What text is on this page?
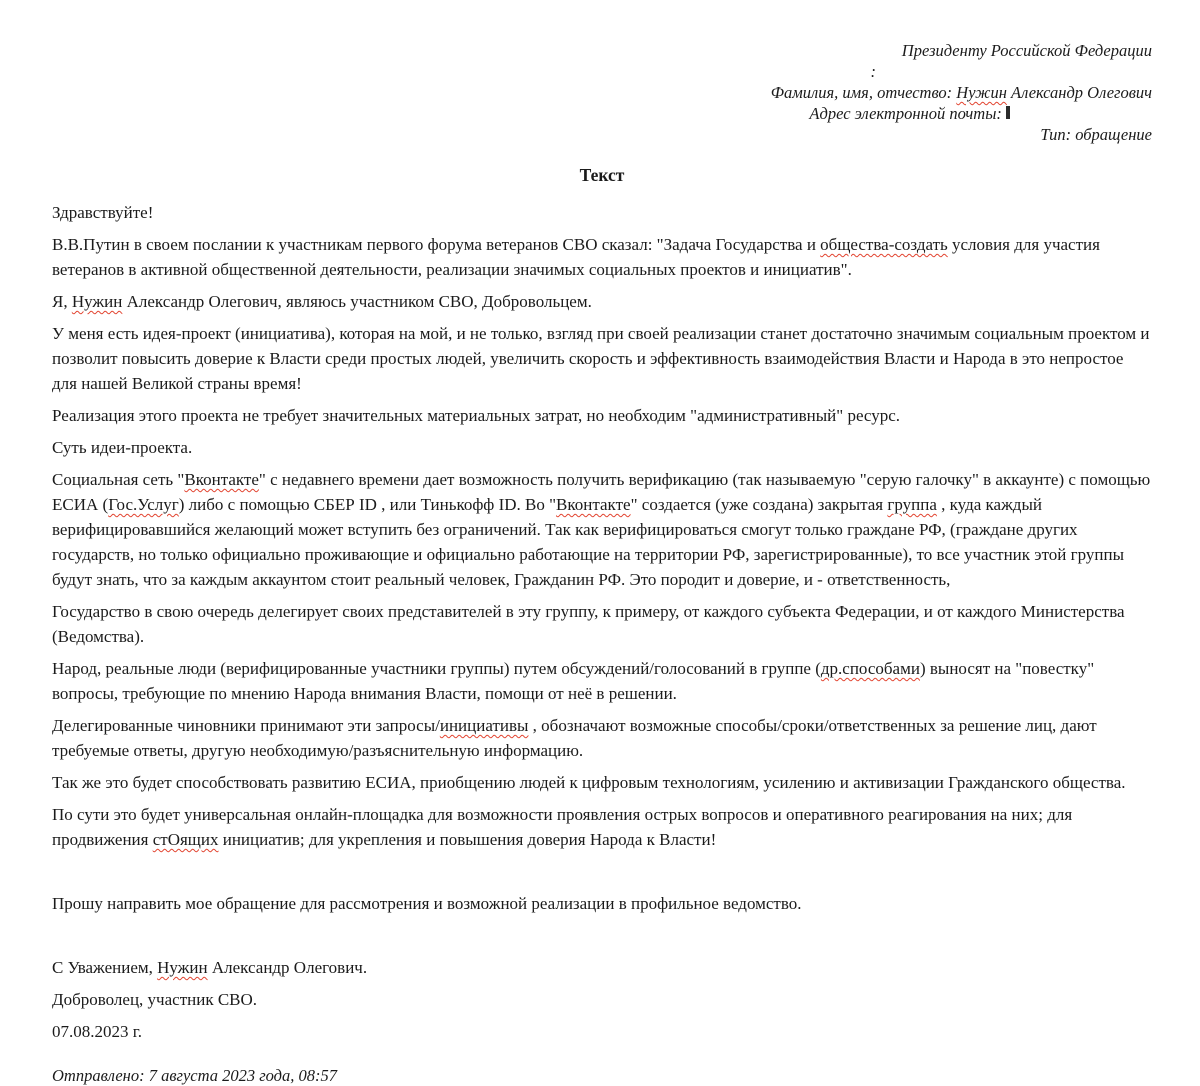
Президенту Российской Федерации

:

Фамилия, имя, отчество: Нужин Александр Олегович

Адрес электронной почты:

Тип: обращение

Текст

Здравствуйте!

В.В.Путин в своем послании к участникам первого форума ветеранов СВО сказал: "Задача Государства и общества-создать условия для участия ветеранов в активной общественной деятельности, реализации значимых социальных проектов и инициатив".

Я, Нужин Александр Олегович, являюсь участником СВО, Добровольцем.

У меня есть идея-проект (инициатива), которая на мой, и не только, взгляд при своей реализации станет достаточно значимым социальным проектом и позволит повысить доверие к Власти среди простых людей, увеличить скорость и эффективность взаимодействия Власти и Народа в это непростое для нашей Великой страны время!

Реализация этого проекта не требует значительных материальных затрат, но необходим "административный" ресурс.

Суть идеи-проекта.

Социальная сеть "Вконтакте" с недавнего времени дает возможность получить верификацию (так называемую "серую галочку" в аккаунте) с помощью ЕСИА (Гос.Услуг) либо с помощью СБЕР ID , или Тинькофф ID. Во "Вконтакте" создается (уже создана) закрытая группа , куда каждый верифицировавшийся желающий может вступить без ограничений. Так как верифицироваться смогут только граждане РФ, (граждане других государств, но только официально проживающие и официально работающие на территории РФ, зарегистрированные), то все участник этой группы будут знать, что за каждым аккаунтом стоит реальный человек, Гражданин РФ. Это породит и доверие, и - ответственность,

Государство в свою очередь делегирует своих представителей в эту группу, к примеру, от каждого субъекта Федерации, и от каждого Министерства (Ведомства).

Народ, реальные люди (верифицированные участники группы) путем обсуждений/голосований в группе (др.способами) выносят на "повестку" вопросы, требующие по мнению Народа внимания Власти, помощи от неё в решении.

Делегированные чиновники принимают эти запросы/инициативы , обозначают возможные способы/сроки/ответственных за решение лиц, дают требуемые ответы, другую необходимую/разъяснительную информацию.

Так же это будет способствовать развитию ЕСИА, приобщению людей к цифровым технологиям, усилению и активизации Гражданского общества.

По сути это будет универсальная онлайн-площадка для возможности проявления острых вопросов и оперативного реагирования на них; для продвижения стОящих инициатив; для укрепления и повышения доверия Народа к Власти!

Прошу направить мое обращение для рассмотрения и возможной реализации в профильное ведомство.

С Уважением, Нужин Александр Олегович.

Доброволец, участник СВО.

07.08.2023 г.

Отправлено: 7 августа 2023 года, 08:57
